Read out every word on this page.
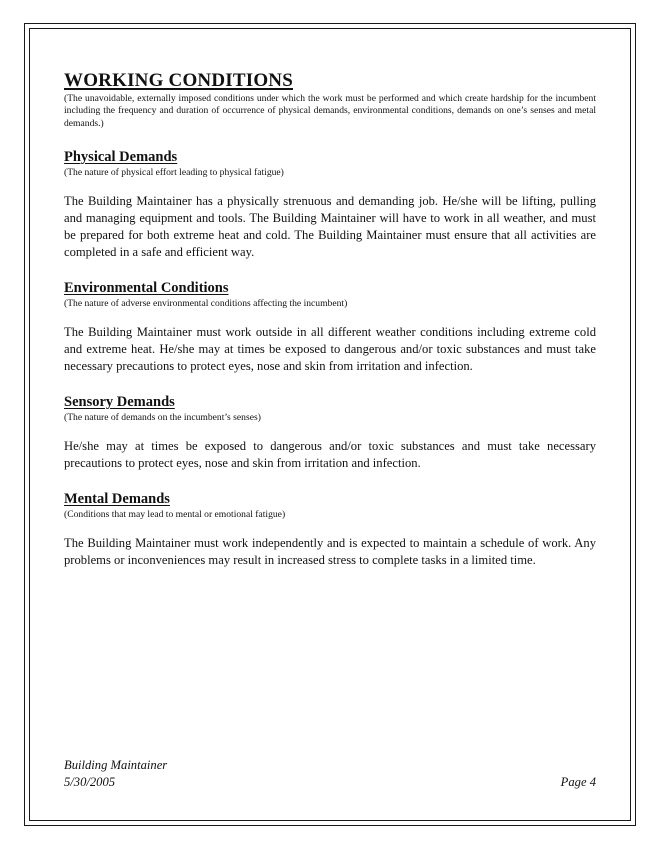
WORKING CONDITIONS

(The unavoidable, externally imposed conditions under which the work must be performed and which create hardship for the incumbent including the frequency and duration of occurrence of physical demands, environmental conditions, demands on one’s senses and metal demands.)

Physical Demands

(The nature of physical effort leading to physical fatigue)

The Building Maintainer has a physically strenuous and demanding job. He/she will be lifting, pulling and managing equipment and tools. The Building Maintainer will have to work in all weather, and must be prepared for both extreme heat and cold. The Building Maintainer must ensure that all activities are completed in a safe and efficient way.

Environmental Conditions

(The nature of adverse environmental conditions affecting the incumbent)

The Building Maintainer must work outside in all different weather conditions including extreme cold and extreme heat. He/she may at times be exposed to dangerous and/or toxic substances and must take necessary precautions to protect eyes, nose and skin from irritation and infection.

Sensory Demands

(The nature of demands on the incumbent’s senses)

He/she may at times be exposed to dangerous and/or toxic substances and must take necessary precautions to protect eyes, nose and skin from irritation and infection.

Mental Demands

(Conditions that may lead to mental or emotional fatigue)

The Building Maintainer must work independently and is expected to maintain a schedule of work. Any problems or inconveniences may result in increased stress to complete tasks in a limited time.

Building Maintainer
5/30/2005	Page 4
